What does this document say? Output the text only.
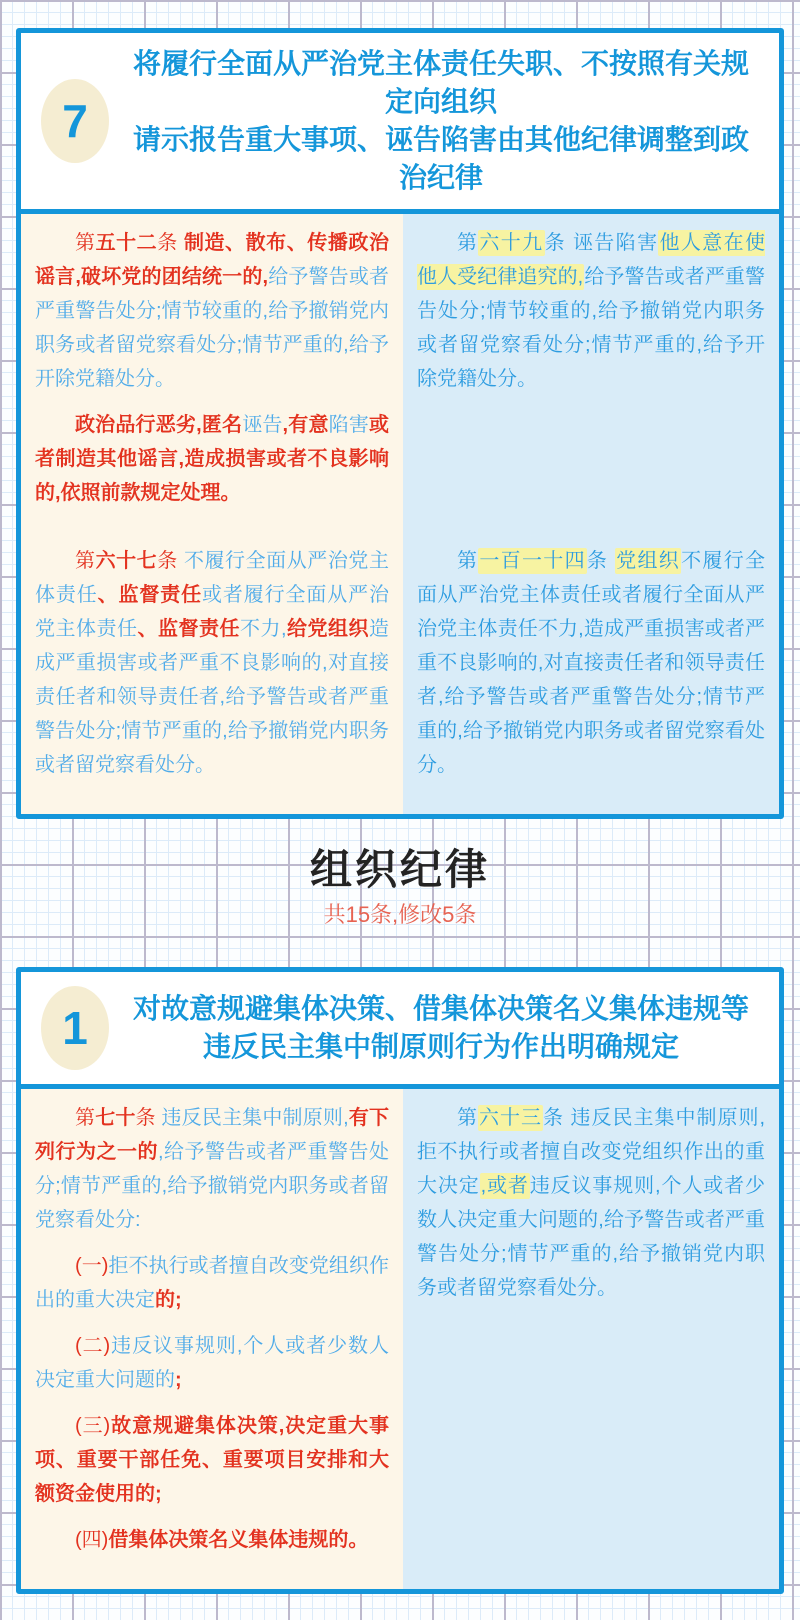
7
将履行全面从严治党主体责任失职、不按照有关规定向组织
请示报告重大事项、诬告陷害由其他纪律调整到政治纪律

第五十二条 制造、散布、传播政治谣言,破坏党的团结统一的,给予警告或者严重警告处分;情节较重的,给予撤销党内职务或者留党察看处分;情节严重的,给予开除党籍处分。

政治品行恶劣,匿名诬告,有意陷害或者制造其他谣言,造成损害或者不良影响的,依照前款规定处理。

第六十九条 诬告陷害他人意在使他人受纪律追究的,给予警告或者严重警告处分;情节较重的,给予撤销党内职务或者留党察看处分;情节严重的,给予开除党籍处分。

第六十七条 不履行全面从严治党主体责任、监督责任或者履行全面从严治党主体责任、监督责任不力,给党组织造成严重损害或者严重不良影响的,对直接责任者和领导责任者,给予警告或者严重警告处分;情节严重的,给予撤销党内职务或者留党察看处分。

第一百一十四条 党组织不履行全面从严治党主体责任或者履行全面从严治党主体责任不力,造成严重损害或者严重不良影响的,对直接责任者和领导责任者,给予警告或者严重警告处分;情节严重的,给予撤销党内职务或者留党察看处分。

组织纪律
共15条,修改5条
1	对故意规避集体决策、借集体决策名义集体违规等
违反民主集中制原则行为作出明确规定

第七十条 违反民主集中制原则,有下列行为之一的,给予警告或者严重警告处分;情节严重的,给予撤销党内职务或者留党察看处分:

(一)拒不执行或者擅自改变党组织作出的重大决定的;

(二)违反议事规则,个人或者少数人决定重大问题的;

(三)故意规避集体决策,决定重大事项、重要干部任免、重要项目安排和大额资金使用的;

(四)借集体决策名义集体违规的。

第六十三条 违反民主集中制原则,拒不执行或者擅自改变党组织作出的重大决定,或者违反议事规则,个人或者少数人决定重大问题的,给予警告或者严重警告处分;情节严重的,给予撤销党内职务或者留党察看处分。
